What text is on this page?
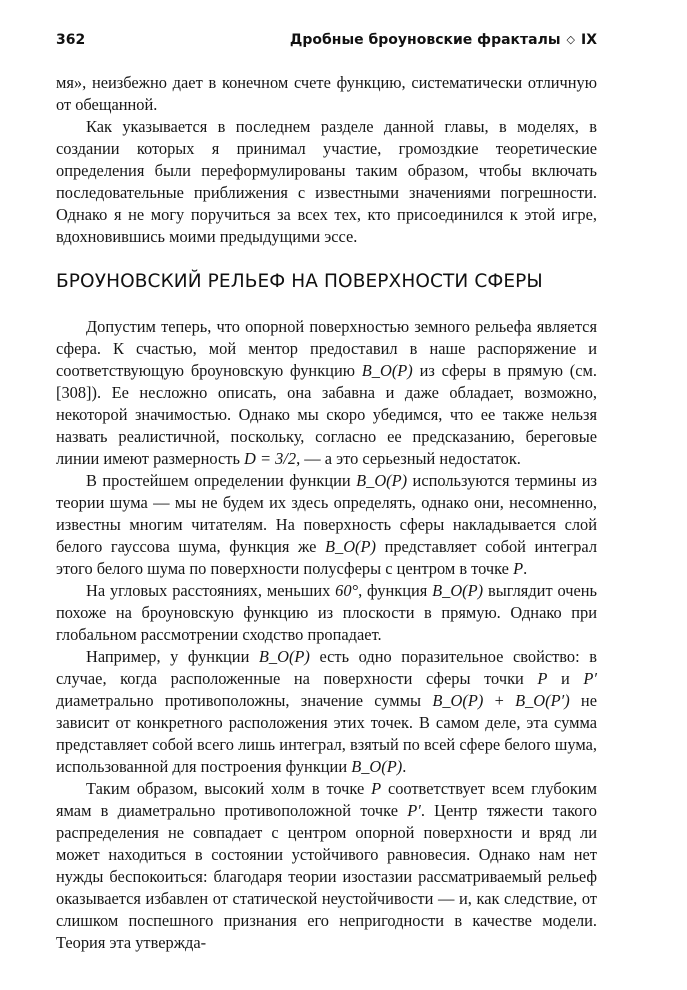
362	Дробные броуновские фракталы ◇ IX

мя», неизбежно дает в конечном счете функцию, систематически отличную от обещанной.

Как указывается в последнем разделе данной главы, в моделях, в создании которых я принимал участие, громоздкие теоретические определения были переформулированы таким образом, чтобы включать последовательные приближения с известными значениями погрешности. Однако я не могу поручиться за всех тех, кто присоединился к этой игре, вдохновившись моими предыдущими эссе.

БРОУНОВСКИЙ РЕЛЬЕФ НА ПОВЕРХНОСТИ СФЕРЫ

Допустим теперь, что опорной поверхностью земного рельефа является сфера. К счастью, мой ментор предоставил в наше распоряжение и соответствующую броуновскую функцию B_O(P) из сферы в прямую (см. [308]). Ее несложно описать, она забавна и даже обладает, возможно, некоторой значимостью. Однако мы скоро убедимся, что ее также нельзя назвать реалистичной, поскольку, согласно ее предсказанию, береговые линии имеют размерность D = 3/2, — а это серьезный недостаток.

В простейшем определении функции B_O(P) используются термины из теории шума — мы не будем их здесь определять, однако они, несомненно, известны многим читателям. На поверхность сферы накладывается слой белого гауссова шума, функция же B_O(P) представляет собой интеграл этого белого шума по поверхности полусферы с центром в точке P.

На угловых расстояниях, меньших 60°, функция B_O(P) выглядит очень похоже на броуновскую функцию из плоскости в прямую. Однако при глобальном рассмотрении сходство пропадает.

Например, у функции B_O(P) есть одно поразительное свойство: в случае, когда расположенные на поверхности сферы точки P и P′ диаметрально противоположны, значение суммы B_O(P) + B_O(P′) не зависит от конкретного расположения этих точек. В самом деле, эта сумма представляет собой всего лишь интеграл, взятый по всей сфере белого шума, использованной для построения функции B_O(P).

Таким образом, высокий холм в точке P соответствует всем глубоким ямам в диаметрально противоположной точке P′. Центр тяжести такого распределения не совпадает с центром опорной поверхности и вряд ли может находиться в состоянии устойчивого равновесия. Однако нам нет нужды беспокоиться: благодаря теории изостазии рассматриваемый рельеф оказывается избавлен от статической неустойчивости — и, как следствие, от слишком поспешного признания его непригодности в качестве модели. Теория эта утвержда-
